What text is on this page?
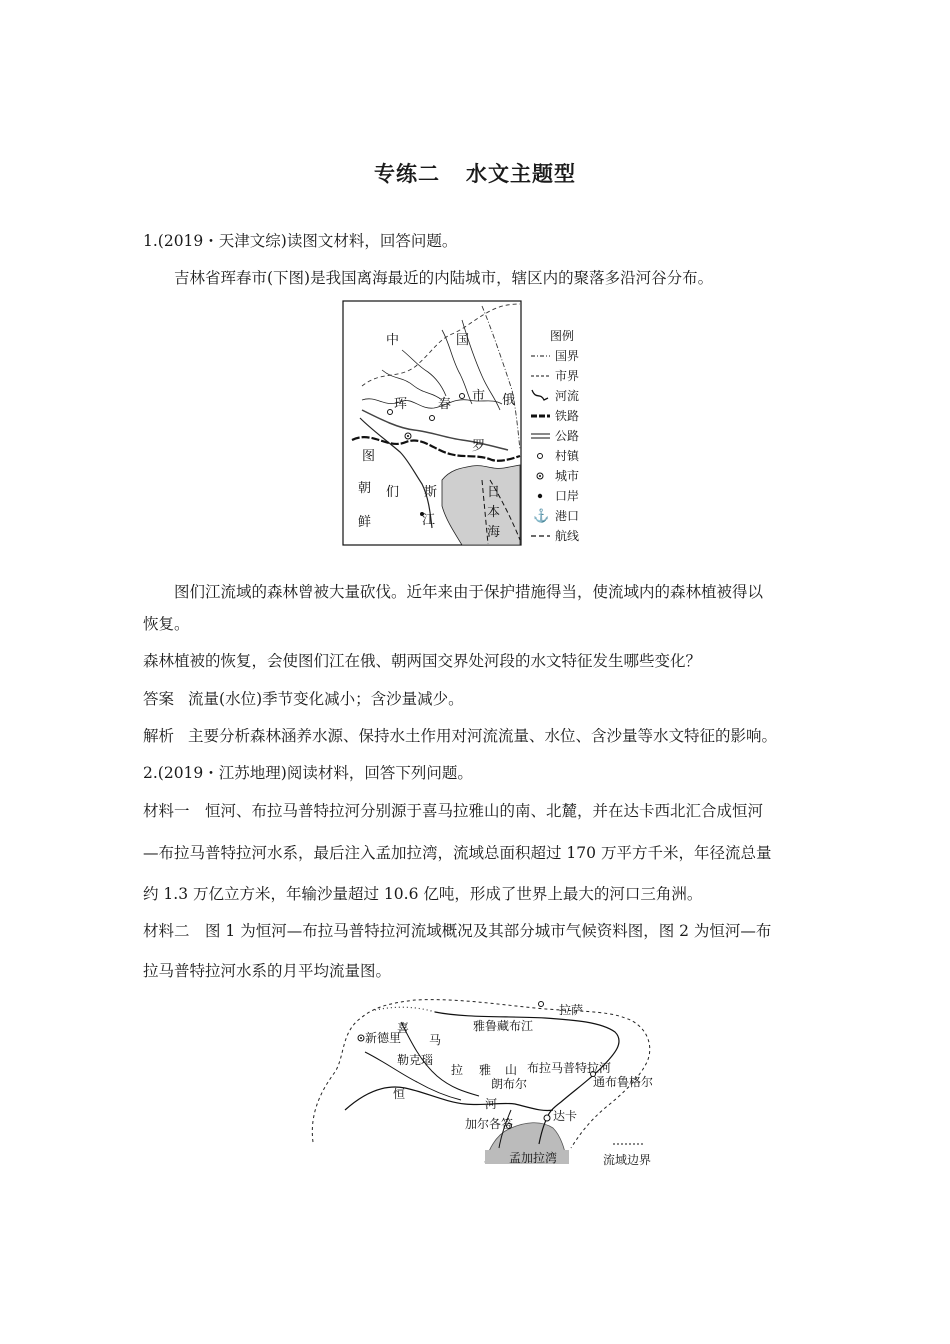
专练二 水文主题型
1.(2019・天津文综)读图文材料，回答问题。
吉林省珲春市(下图)是我国离海最近的内陆城市，辖区内的聚落多沿河谷分布。
中	国
珲 春
市 俄
罗
斯
图
们
江
朝
鲜
日
本
海
图例
国界
市界
河流
铁路
公路
村镇
城市
口岸
⚓ 港口
航线
图们江流域的森林曾被大量砍伐。近年来由于保护措施得当，使流域内的森林植被得以
恢复。
森林植被的恢复，会使图们江在俄、朝两国交界处河段的水文特征发生哪些变化？
答案 流量(水位)季节变化减小；含沙量减少。
解析 主要分析森林涵养水源、保持水土作用对河流流量、水位、含沙量等水文特征的影响。
2.(2019・江苏地理)阅读材料，回答下列问题。
材料一　恒河、布拉马普特拉河分别源于喜马拉雅山的南、北麓，并在达卡西北汇合成恒河
—布拉马普特拉河水系，最后注入孟加拉湾，流域总面积超过 170 万平方千米，年径流总量
约 1.3 万亿立方米，年输沙量超过 10.6 亿吨，形成了世界上最大的河口三角洲。
材料二　图 1 为恒河—布拉马普特拉河流域概况及其部分城市气候资料图，图 2 为恒河—布
拉马普特拉河水系的月平均流量图。
喜
马
拉 雅 山
新德里
勒克瑙
恒
河
雅鲁藏布江
拉萨
布拉马普特拉河
朗布尔	通布鲁格尔
达卡
加尔各答
孟加拉湾	流域边界
